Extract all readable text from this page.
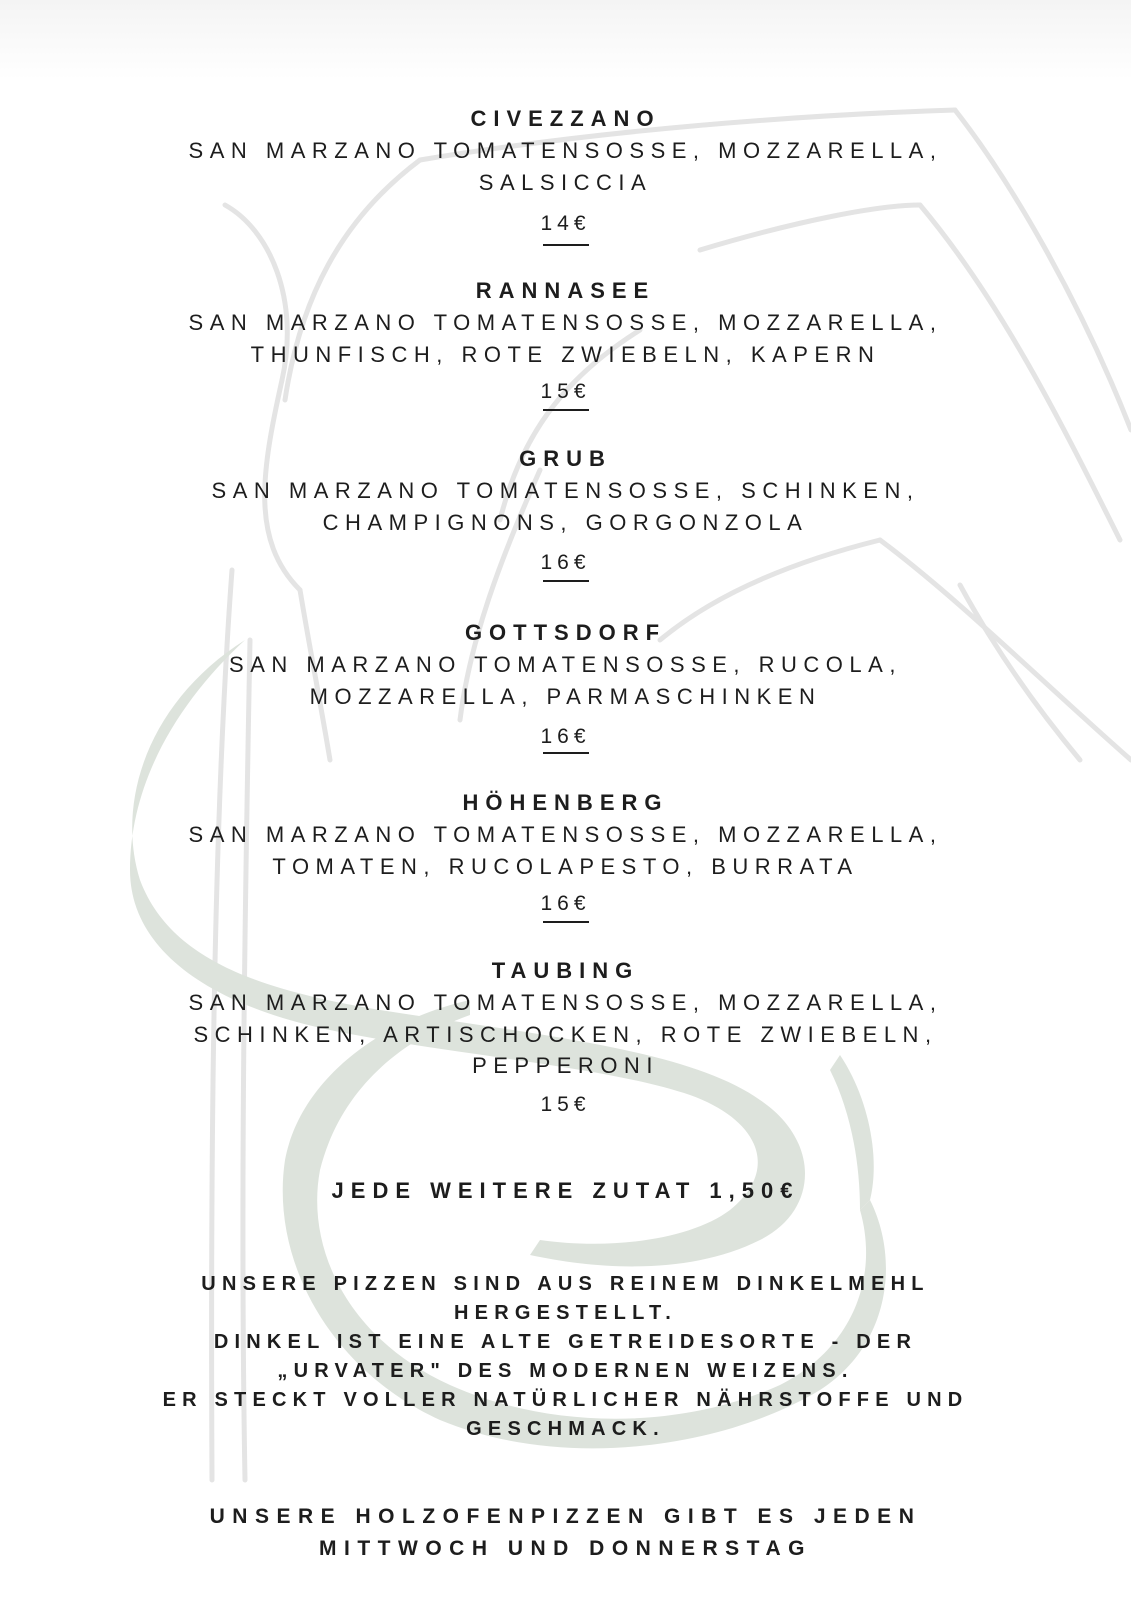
CIVEZZANO

SAN MARZANO TOMATENSOSSE, MOZZARELLA,

SALSICCIA

14€

RANNASEE

SAN MARZANO TOMATENSOSSE, MOZZARELLA,

THUNFISCH, ROTE ZWIEBELN, KAPERN

15€

GRUB

SAN MARZANO TOMATENSOSSE, SCHINKEN,

CHAMPIGNONS, GORGONZOLA

16€

GOTTSDORF

SAN MARZANO TOMATENSOSSE, RUCOLA,

MOZZARELLA, PARMASCHINKEN

16€

HÖHENBERG

SAN MARZANO TOMATENSOSSE, MOZZARELLA,

TOMATEN, RUCOLAPESTO, BURRATA

16€

TAUBING

SAN MARZANO TOMATENSOSSE, MOZZARELLA,

SCHINKEN, ARTISCHOCKEN, ROTE ZWIEBELN,

PEPPERONI

15€
JEDE WEITERE ZUTAT 1,50€
UNSERE PIZZEN SIND AUS REINEM DINKELMEHL
HERGESTELLT.
DINKEL IST EINE ALTE GETREIDESORTE - DER
„URVATER" DES MODERNEN WEIZENS.
ER STECKT VOLLER NATÜRLICHER NÄHRSTOFFE UND
GESCHMACK.
UNSERE HOLZOFENPIZZEN GIBT ES JEDEN
MITTWOCH UND DONNERSTAG
